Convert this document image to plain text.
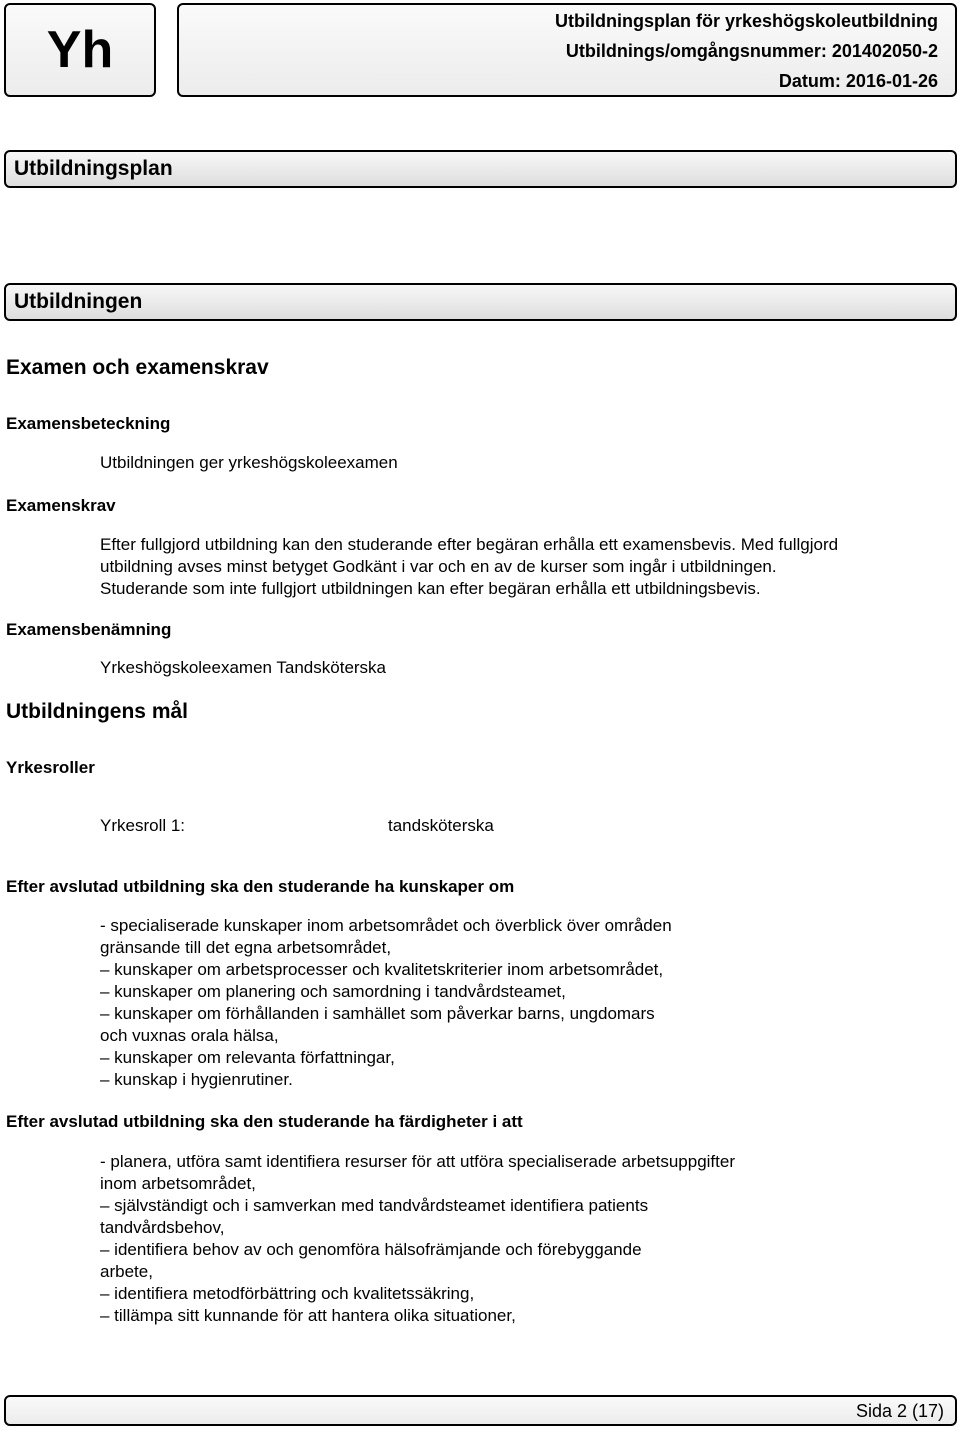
Yh	Utbildningsplan för yrkeshögskoleutbildning
Utbildnings/omgångsnummer: 201402050-2
Datum: 2016-01-26
Utbildningsplan
Utbildningen
Examen och examenskrav
Examensbeteckning
Utbildningen ger yrkeshögskoleexamen
Examenskrav
Efter fullgjord utbildning kan den studerande efter begäran erhålla ett examensbevis. Med fullgjord
utbildning avses minst betyget Godkänt i var och en av de kurser som ingår i utbildningen.
Studerande som inte fullgjort utbildningen kan efter begäran erhålla ett utbildningsbevis.
Examensbenämning
Yrkeshögskoleexamen Tandsköterska
Utbildningens mål
Yrkesroller
Yrkesroll 1:	tandsköterska
Efter avslutad utbildning ska den studerande ha kunskaper om
- specialiserade kunskaper inom arbetsområdet och överblick över områden
gränsande till det egna arbetsområdet,
– kunskaper om arbetsprocesser och kvalitetskriterier inom arbetsområdet,
– kunskaper om planering och samordning i tandvårdsteamet,
– kunskaper om förhållanden i samhället som påverkar barns, ungdomars
och vuxnas orala hälsa,
– kunskaper om relevanta författningar,
– kunskap i hygienrutiner.
Efter avslutad utbildning ska den studerande ha färdigheter i att
- planera, utföra samt identifiera resurser för att utföra specialiserade arbetsuppgifter
inom arbetsområdet,
– självständigt och i samverkan med tandvårdsteamet identifiera patients
tandvårdsbehov,
– identifiera behov av och genomföra hälsofrämjande och förebyggande
arbete,
– identifiera metodförbättring och kvalitetssäkring,
– tillämpa sitt kunnande för att hantera olika situationer,
Sida 2 (17)
